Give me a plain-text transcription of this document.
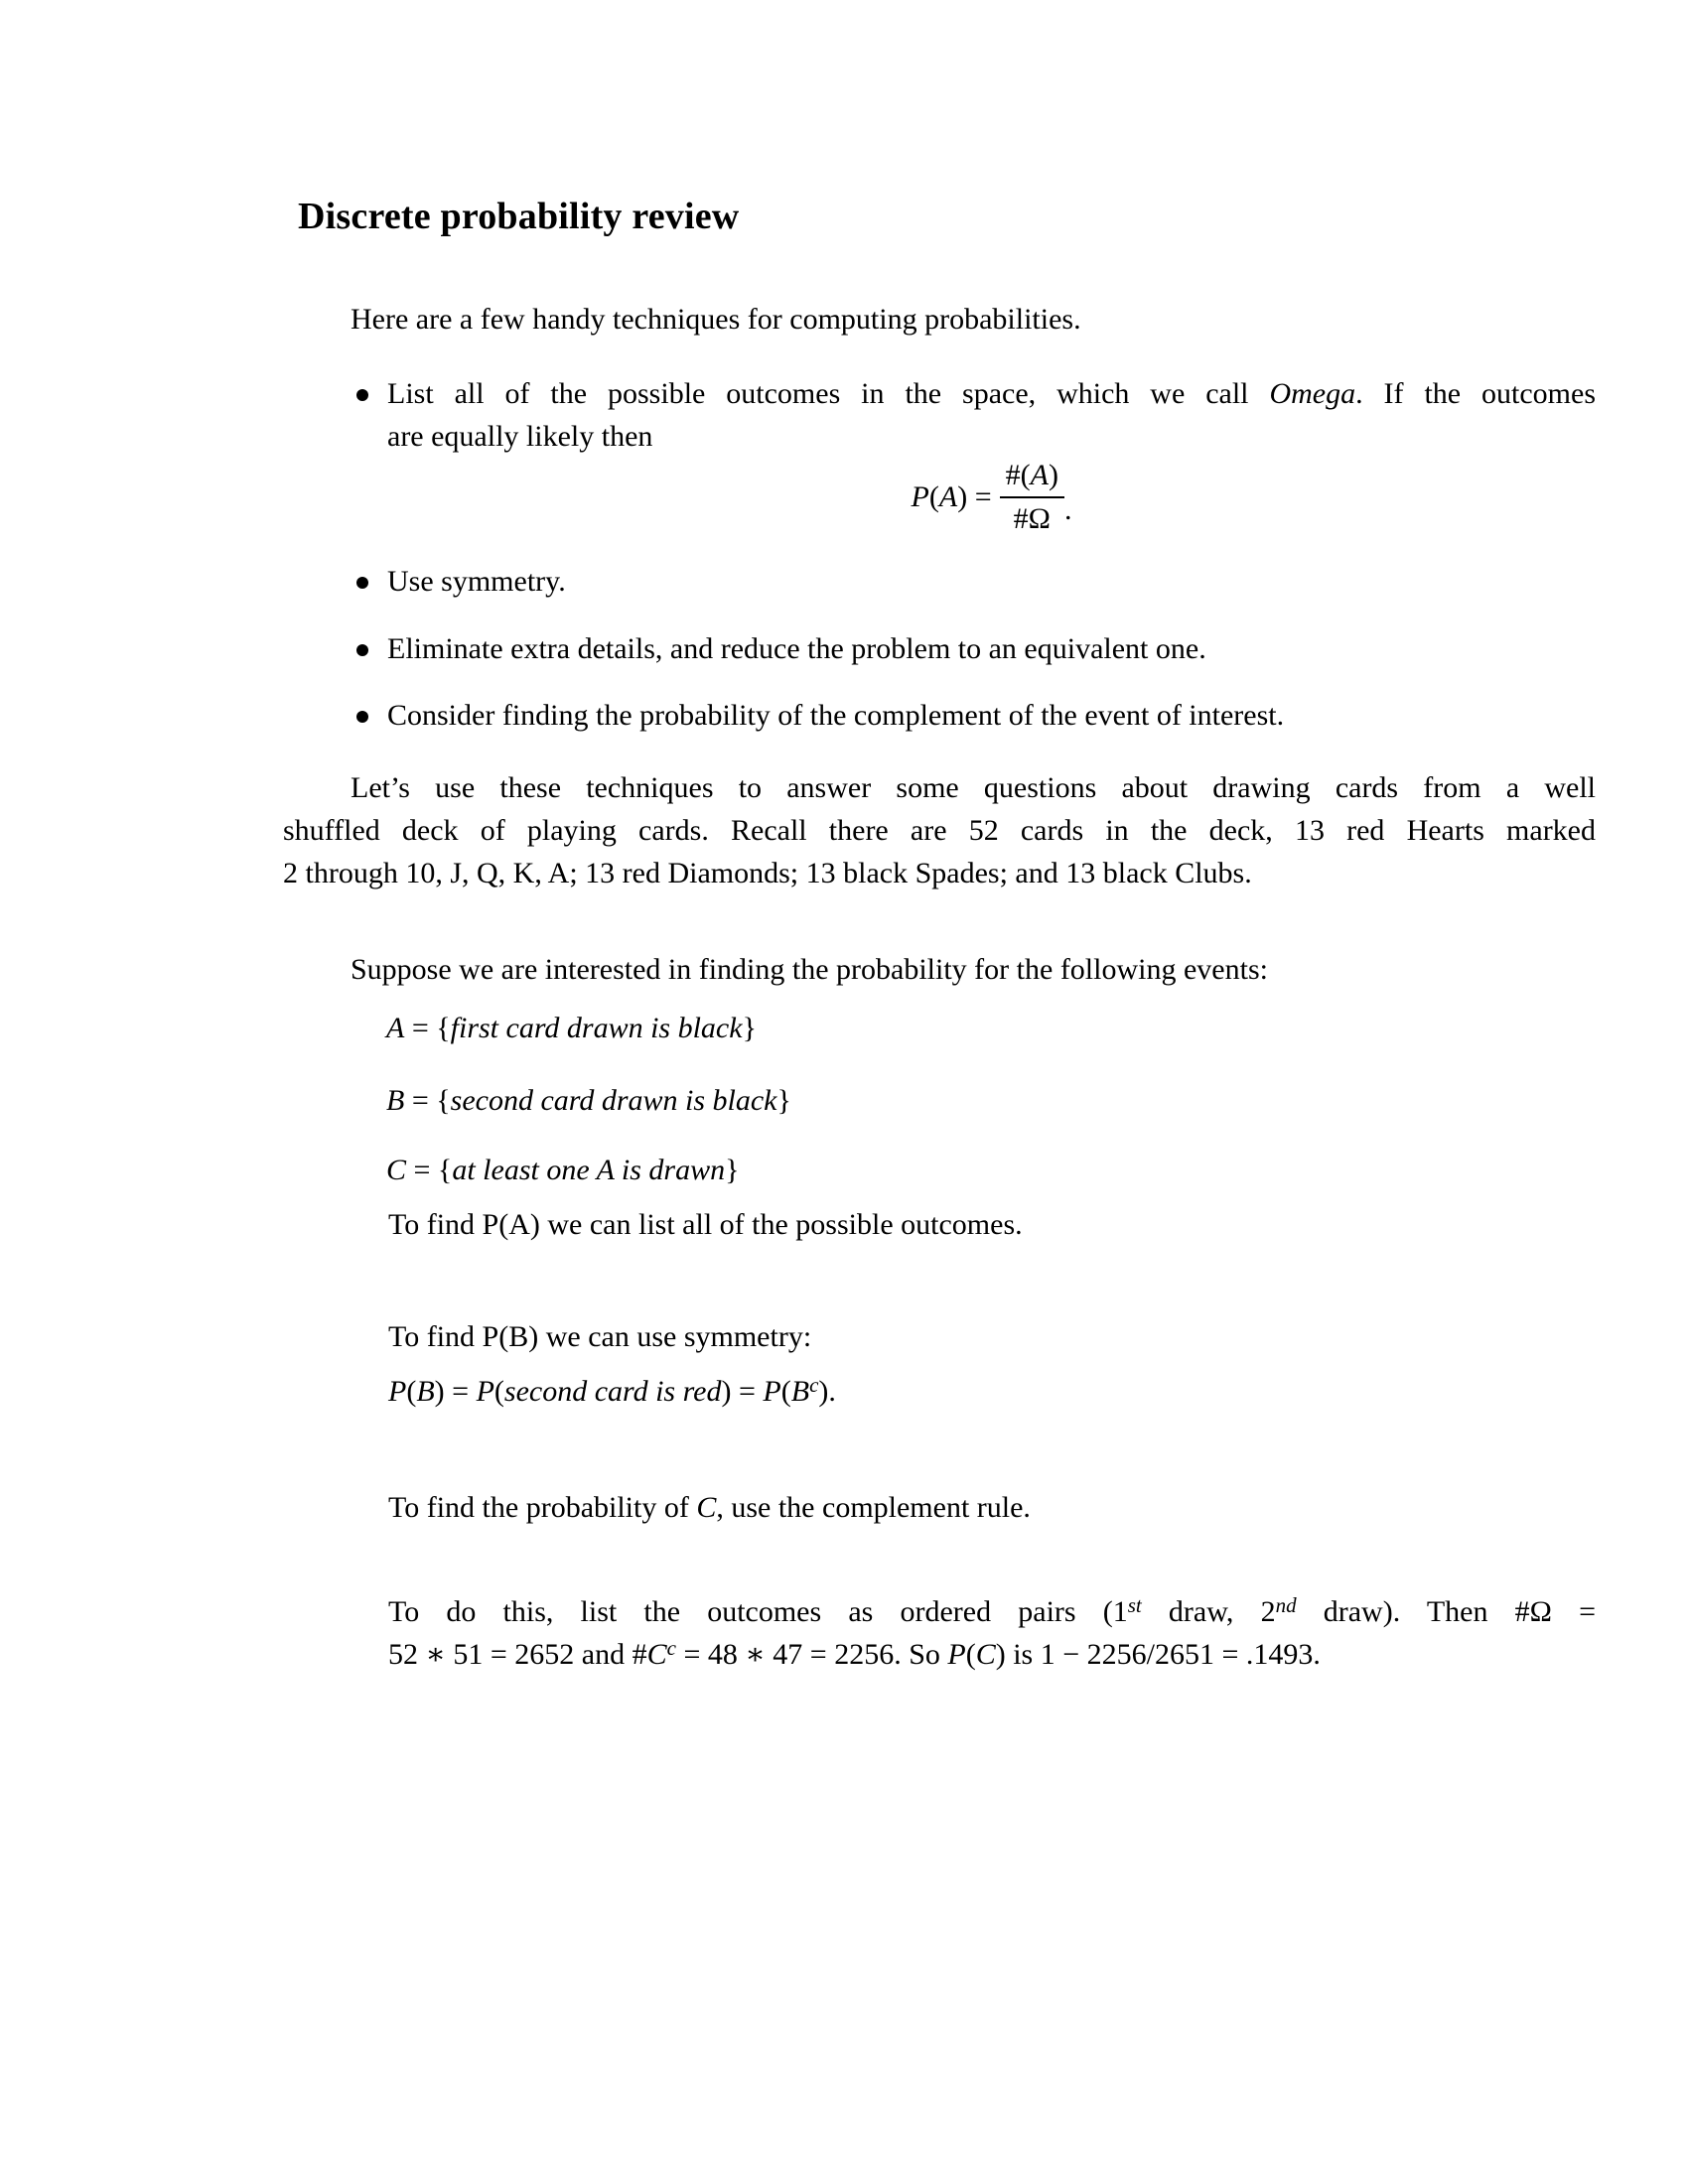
Discrete probability review
Here are a few handy techniques for computing probabilities.
List all of the possible outcomes in the space, which we call Omega. If the outcomes
are equally likely then
$P(A) = \frac{\#(A)}{\#\Omega}$ .
Use symmetry.
Eliminate extra details, and reduce the problem to an equivalent one.
Consider finding the probability of the complement of the event of interest.
Let’s use these techniques to answer some questions about drawing cards from a well
shuffled deck of playing cards. Recall there are 52 cards in the deck, 13 red Hearts marked
2 through 10, J, Q, K, A; 13 red Diamonds; 13 black Spades; and 13 black Clubs.
Suppose we are interested in finding the probability for the following events:
A = {first card drawn is black}
B = {second card drawn is black}
C = {at least one A is drawn}
To find P(A) we can list all of the possible outcomes.
To find P(B) we can use symmetry:
P(B) = P(second card is $red) = P(B^c)$.
To find the probability of C, use the complement rule.
To do this, list the outcomes as ordered pairs (1st draw, 2nd draw). Then #Ω =
52 ∗ 51 = 2652 and $\#C^c = 48$ ∗ 47 = 2256. So P(C) is 1 − 2256/2651 = .1493.
